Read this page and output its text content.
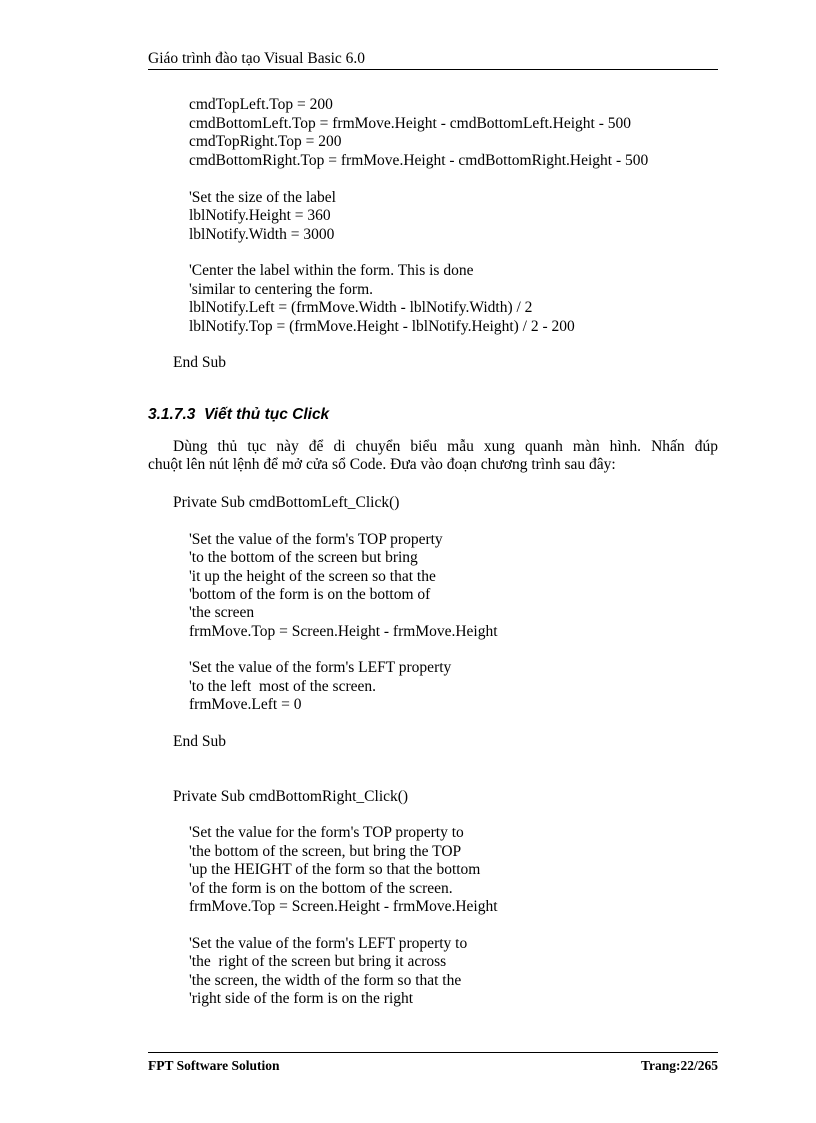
Giáo trình đào tạo Visual Basic 6.0
cmdTopLeft.Top = 200
cmdBottomLeft.Top = frmMove.Height - cmdBottomLeft.Height - 500
cmdTopRight.Top = 200
cmdBottomRight.Top = frmMove.Height - cmdBottomRight.Height - 500
'Set the size of the label
lblNotify.Height = 360
lblNotify.Width = 3000
'Center the label within the form. This is done
'similar to centering the form.
lblNotify.Left = (frmMove.Width - lblNotify.Width) / 2
lblNotify.Top = (frmMove.Height - lblNotify.Height) / 2 - 200
End Sub
3.1.7.3  Viết thủ tục Click
Dùng thủ tục này để di chuyển biểu mẫu xung quanh màn hình. Nhấn đúp
chuột lên nút lệnh để mở cửa sổ Code. Đưa vào đoạn chương trình sau đây:
Private Sub cmdBottomLeft_Click()
'Set the value of the form's TOP property
'to the bottom of the screen but bring
'it up the height of the screen so that the
'bottom of the form is on the bottom of
'the screen
frmMove.Top = Screen.Height - frmMove.Height
'Set the value of the form's LEFT property
'to the left  most of the screen.
frmMove.Left = 0
End Sub
Private Sub cmdBottomRight_Click()
'Set the value for the form's TOP property to
'the bottom of the screen, but bring the TOP
'up the HEIGHT of the form so that the bottom
'of the form is on the bottom of the screen.
frmMove.Top = Screen.Height - frmMove.Height
'Set the value of the form's LEFT property to
'the  right of the screen but bring it across
'the screen, the width of the form so that the
'right side of the form is on the right
FPT Software Solution	Trang:22/265
